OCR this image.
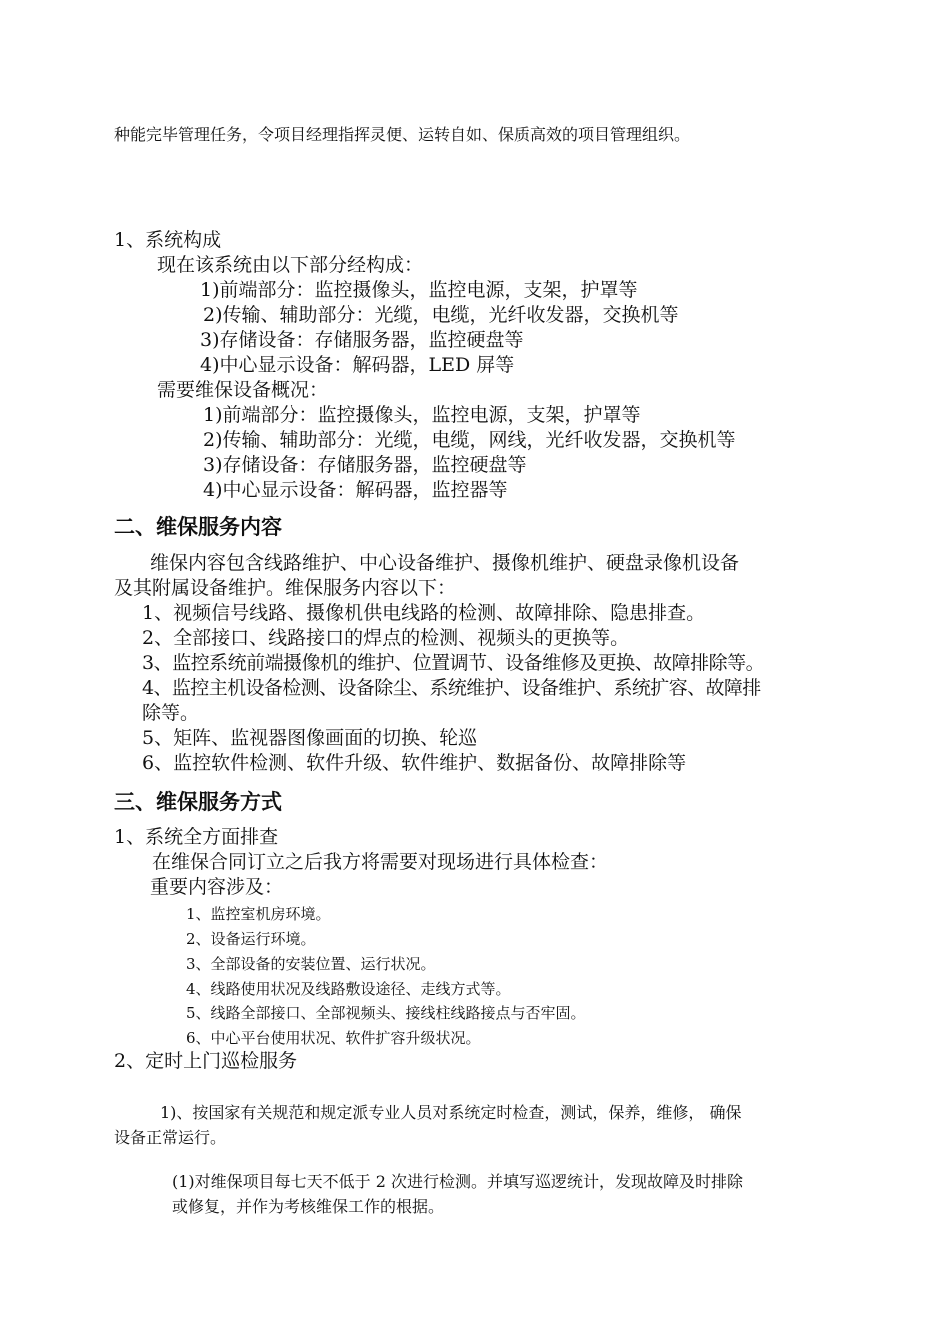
种能完毕管理任务，令项目经理指挥灵便、运转自如、保质高效的项目管理组织。
1、系统构成
现在该系统由以下部分经构成：
1)前端部分：监控摄像头，监控电源，支架，护罩等
2)传输、辅助部分：光缆，电缆，光纤收发器，交换机等
3)存储设备：存储服务器，监控硬盘等
4)中心显示设备：解码器，LED 屏等
需要维保设备概况：
1)前端部分：监控摄像头，监控电源，支架，护罩等
2)传输、辅助部分：光缆，电缆，网线，光纤收发器，交换机等
3)存储设备：存储服务器，监控硬盘等
4)中心显示设备：解码器，监控器等
二、维保服务内容
维保内容包含线路维护、中心设备维护、摄像机维护、硬盘录像机设备
及其附属设备维护。维保服务内容以下：
1、视频信号线路、摄像机供电线路的检测、故障排除、隐患排查。
2、全部接口、线路接口的焊点的检测、视频头的更换等。
3、监控系统前端摄像机的维护、位置调节、设备维修及更换、故障排除等。
4、监控主机设备检测、设备除尘、系统维护、设备维护、系统扩容、故障排
除等。
5、矩阵、监视器图像画面的切换、轮巡
6、监控软件检测、软件升级、软件维护、数据备份、故障排除等
三、维保服务方式
1、系统全方面排查
在维保合同订立之后我方将需要对现场进行具体检查：
重要内容涉及：
1、监控室机房环境。
2、设备运行环境。
3、全部设备的安装位置、运行状况。
4、线路使用状况及线路敷设途径、走线方式等。
5、线路全部接口、全部视频头、接线柱线路接点与否牢固。
6、中心平台使用状况、软件扩容升级状况。
2、定时上门巡检服务
1)、按国家有关规范和规定派专业人员对系统定时检查，测试，保养，维修， 确保
设备正常运行。
(1)对维保项目每七天不低于 2 次进行检测。并填写巡逻统计，发现故障及时排除
或修复，并作为考核维保工作的根据。
